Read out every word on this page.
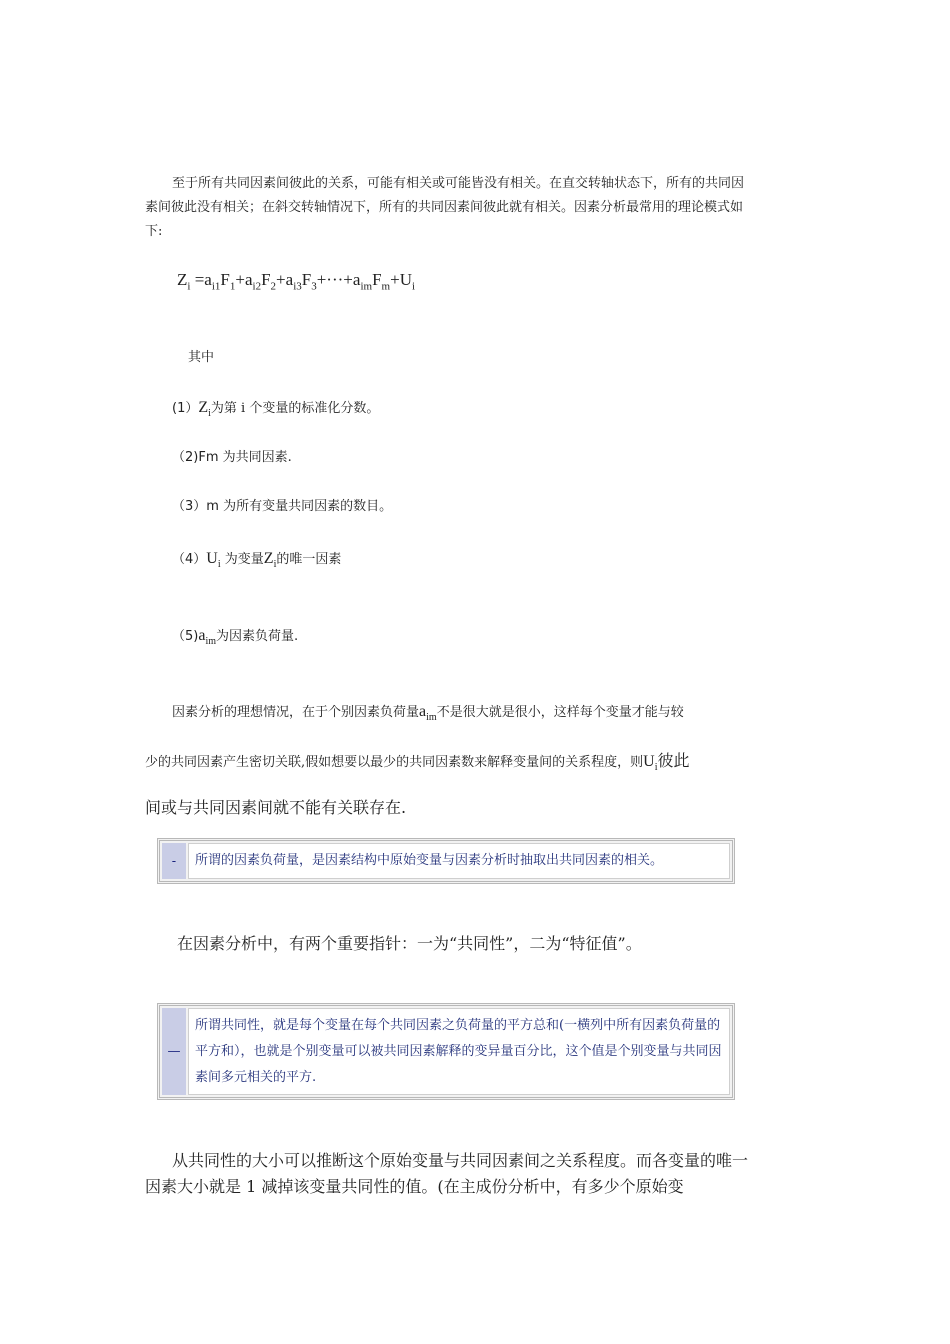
至于所有共同因素间彼此的关系，可能有相关或可能皆没有相关。在直交转轴状态下，所有的共同因素间彼此没有相关；在斜交转轴情况下，所有的共同因素间彼此就有相关。因素分析最常用的理论模式如下:

$Z_i =a_{i1}F_1+a_{i2}F_2+a_{i3}F_3+\cdot\cdot\cdot+a_{im}F_m+U_i$
其中
$(1)Z_i$为第 i 个变量的标准化分数。
（2)Fm 为共同因素.
（3）m 为所有变量共同因素的数目。
$(4)U_i$ 为变量$Z_i$的唯一因素
$(5)a_{im}$为因素负荷量.
因素分析的理想情况，在于个别因素负荷量$a_{im}$不是很大就是很小，这样每个变量才能与较
少的共同因素产生密切关联,假如想要以最少的共同因素数来解释变量间的关系程度，则$U_i$彼此
间或与共同因素间就不能有关联存在.
-	所谓的因素负荷量，是因素结构中原始变量与因素分析时抽取出共同因素的相关。
在因素分析中，有两个重要指针：一为“共同性”，二为“特征值”。
—
所谓共同性，就是每个变量在每个共同因素之负荷量的平方总和(一横列中所有因素负荷量的平方和），也就是个别变量可以被共同因素解释的变异量百分比，这个值是个别变量与共同因素间多元相关的平方.

从共同性的大小可以推断这个原始变量与共同因素间之关系程度。而各变量的唯一因素大小就是 1 减掉该变量共同性的值。(在主成份分析中，有多少个原始变
